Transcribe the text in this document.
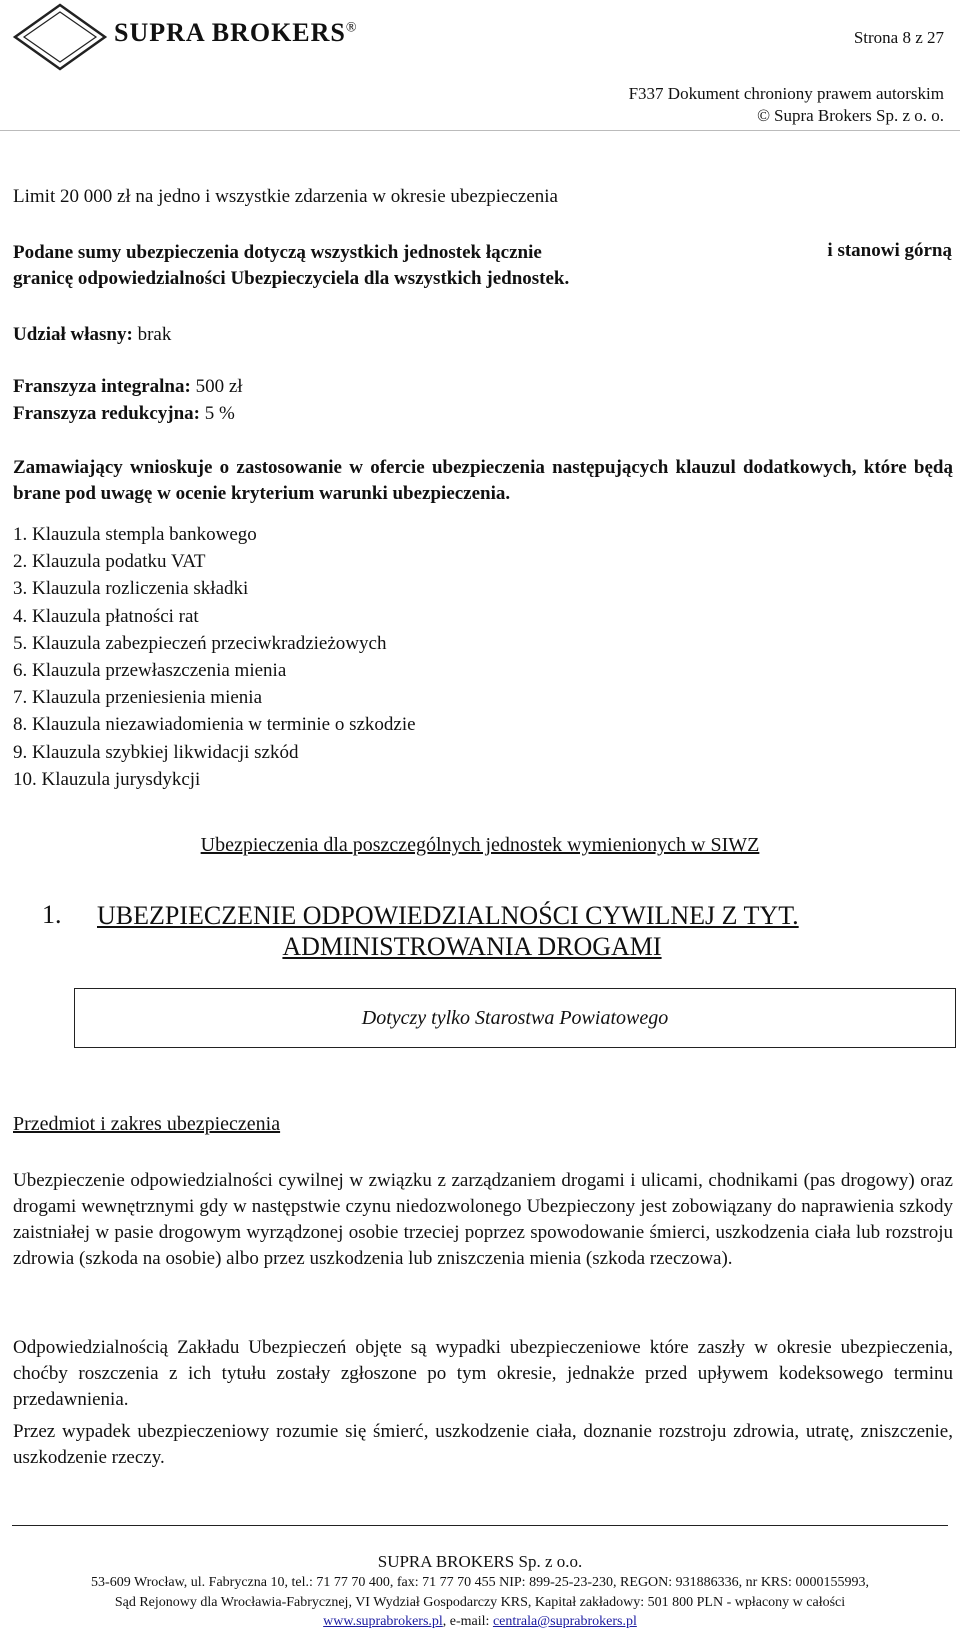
SUPRA BROKERS®
Strona 8 z 27
F337 Dokument chroniony prawem autorskim
© Supra Brokers Sp. z o. o.
Limit 20 000 zł na jedno i wszystkie zdarzenia w okresie ubezpieczenia
Podane sumy ubezpieczenia dotyczą wszystkich jednostek łącznie
granicę odpowiedzialności Ubezpieczyciela dla wszystkich jednostek.
i stanowi górną
Udział własny: brak
Franszyza integralna: 500 zł
Franszyza redukcyjna: 5 %
Zamawiający wnioskuje o zastosowanie w ofercie ubezpieczenia następujących klauzul dodatkowych, które będą brane pod uwagę w ocenie kryterium warunki ubezpieczenia.
1. Klauzula stempla bankowego
2. Klauzula podatku VAT
3. Klauzula rozliczenia składki
4. Klauzula płatności rat
5. Klauzula zabezpieczeń przeciwkradzieżowych
6. Klauzula przewłaszczenia mienia
7. Klauzula przeniesienia mienia
8. Klauzula niezawiadomienia w terminie o szkodzie
9. Klauzula szybkiej likwidacji szkód
10. Klauzula jurysdykcji
Ubezpieczenia dla poszczególnych jednostek wymienionych w SIWZ
1. UBEZPIECZENIE ODPOWIEDZIALNOŚCI CYWILNEJ Z TYT.
ADMINISTROWANIA DROGAMI
Dotyczy tylko Starostwa Powiatowego
Przedmiot i zakres ubezpieczenia
Ubezpieczenie odpowiedzialności cywilnej w związku z zarządzaniem drogami i ulicami, chodnikami (pas drogowy) oraz drogami wewnętrznymi gdy w następstwie czynu niedozwolonego Ubezpieczony jest zobowiązany do naprawienia szkody zaistniałej w pasie drogowym wyrządzonej osobie trzeciej poprzez spowodowanie śmierci, uszkodzenia ciała lub rozstroju zdrowia (szkoda na osobie) albo przez uszkodzenia lub zniszczenia mienia (szkoda rzeczowa).
Odpowiedzialnością Zakładu Ubezpieczeń objęte są wypadki ubezpieczeniowe które zaszły w okresie ubezpieczenia, choćby roszczenia z ich tytułu zostały zgłoszone po tym okresie, jednakże przed upływem kodeksowego terminu przedawnienia.
Przez wypadek ubezpieczeniowy rozumie się śmierć, uszkodzenie ciała, doznanie rozstroju zdrowia, utratę, zniszczenie, uszkodzenie rzeczy.
SUPRA BROKERS Sp. z o.o.
53-609 Wrocław, ul. Fabryczna 10, tel.: 71 77 70 400, fax: 71 77 70 455 NIP: 899-25-23-230, REGON: 931886336, nr KRS: 0000155993,
Sąd Rejonowy dla Wrocławia-Fabrycznej, VI Wydział Gospodarczy KRS, Kapitał zakładowy: 501 800 PLN - wpłacony w całości
www.suprabrokers.pl, e-mail: centrala@suprabrokers.pl
